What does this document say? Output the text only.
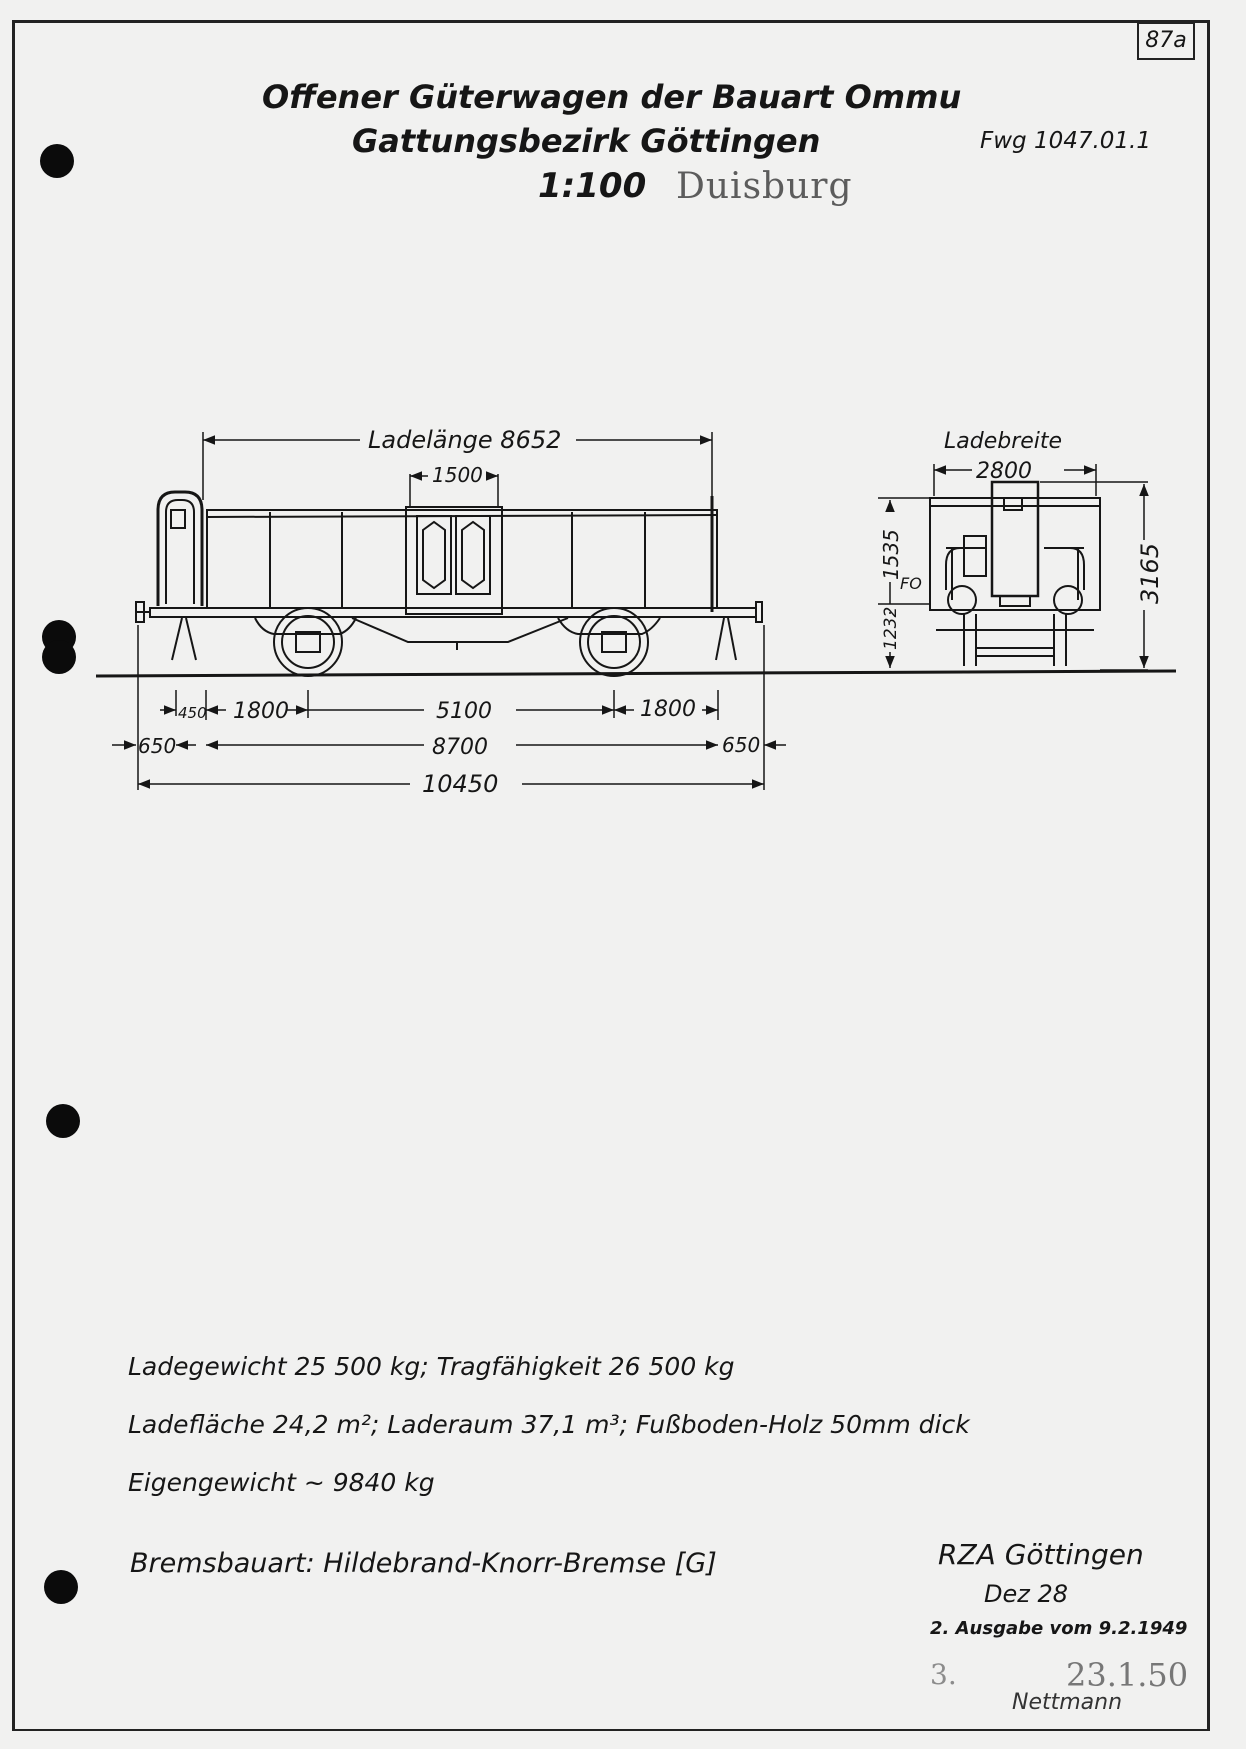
87a
Offener Güterwagen der Bauart Ommu
Gattungsbezirk Göttingen
1:100 Duisburg
Fwg 1047.01.1
Ladelänge 8652
1500
450 1800	5100	1800
650	8700	650
10450
Ladebreite
2800
1535
1232
FO	3165
Ladegewicht 25 500 kg; Tragfähigkeit 26 500 kg
Ladefläche 24,2 m²; Laderaum 37,1 m³; Fußboden-Holz 50mm dick
Eigengewicht ~ 9840 kg
Bremsbauart: Hildebrand-Knorr-Bremse [G]	RZA Göttingen
Dez 28
2. Ausgabe vom 9.2.1949
3.	23.1.50
Nettmann
